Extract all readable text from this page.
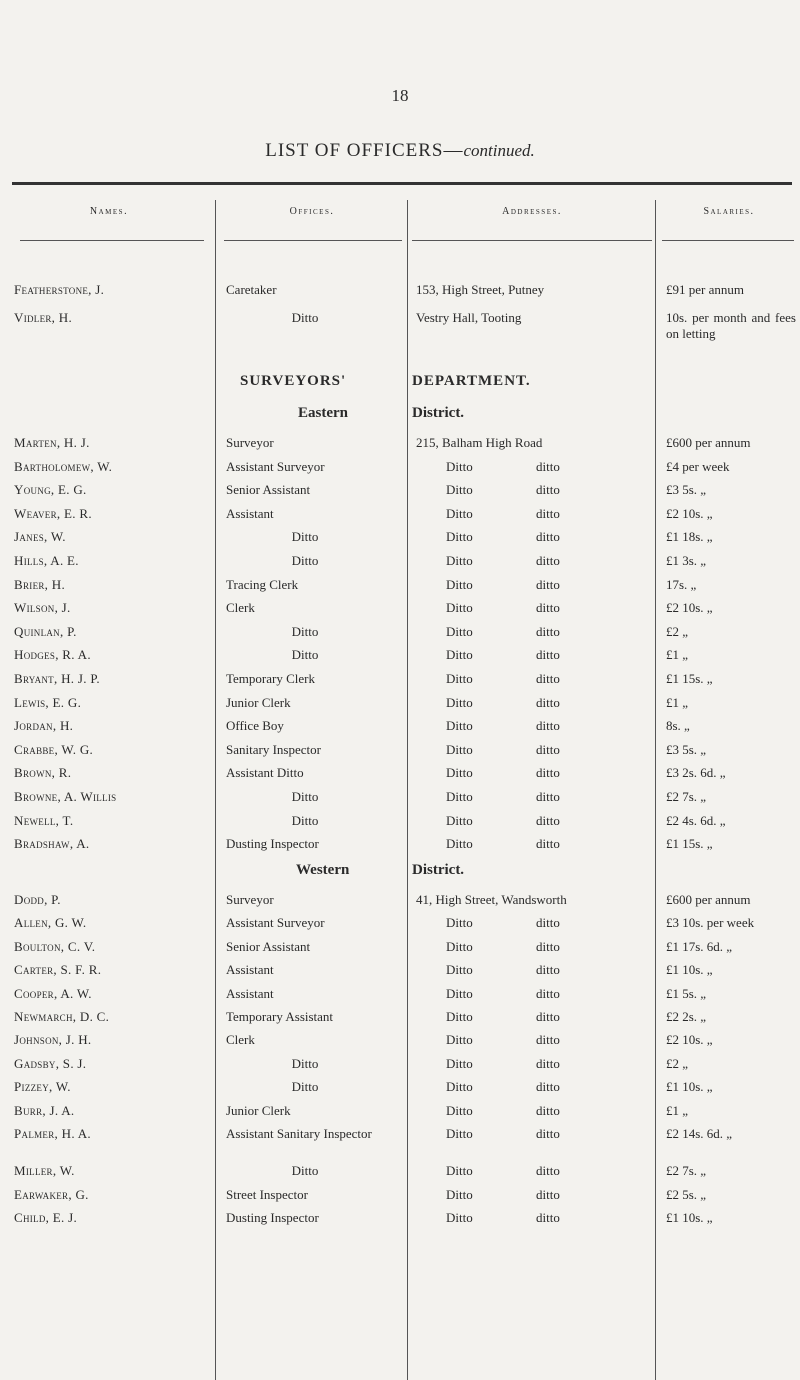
18
LIST OF OFFICERS—continued.
Names.	Offices.	Addresses.	Salaries.
Featherstone, J.	Caretaker	153, High Street, Putney	£91 per annum
Vidler, H.	Ditto	Vestry Hall, Tooting	10s. per month and fees on letting
SURVEYORS'	DEPARTMENT.
Eastern	District.
Marten, H. J.	Surveyor	215, Balham High Road	£600 per annum
Bartholomew, W.	Assistant Surveyor	Ditto	ditto	£4 per week
Young, E. G.	Senior Assistant	Ditto	ditto	£3 5s. „
Weaver, E. R.	Assistant	Ditto	ditto	£2 10s. „
Janes, W.	Ditto	Ditto	ditto	£1 18s. „
Hills, A. E.	Ditto	Ditto	ditto	£1 3s. „
Brier, H.	Tracing Clerk	Ditto	ditto	17s. „
Wilson, J.	Clerk	Ditto	ditto	£2 10s. „
Quinlan, P.	Ditto	Ditto	ditto	£2 „
Hodges, R. A.	Ditto	Ditto	ditto	£1 „
Bryant, H. J. P.	Temporary Clerk	Ditto	ditto	£1 15s. „
Lewis, E. G.	Junior Clerk	Ditto	ditto	£1 „
Jordan, H.	Office Boy	Ditto	ditto	8s. „
Crabbe, W. G.	Sanitary Inspector	Ditto	ditto	£3 5s. „
Brown, R.	Assistant Ditto	Ditto	ditto	£3 2s. 6d. „
Browne, A. Willis	Ditto	Ditto	ditto	£2 7s. „
Newell, T.	Ditto	Ditto	ditto	£2 4s. 6d. „
Bradshaw, A.	Dusting Inspector	Ditto	ditto	£1 15s. „
Western	District.
Dodd, P.	Surveyor	41, High Street, Wandsworth	£600 per annum
Allen, G. W.	Assistant Surveyor	Ditto	ditto	£3 10s. per week
Boulton, C. V.	Senior Assistant	Ditto	ditto	£1 17s. 6d. „
Carter, S. F. R.	Assistant	Ditto	ditto	£1 10s. „
Cooper, A. W.	Assistant	Ditto	ditto	£1 5s. „
Newmarch, D. C.	Temporary Assistant	Ditto	ditto	£2 2s. „
Johnson, J. H.	Clerk	Ditto	ditto	£2 10s. „
Gadsby, S. J.	Ditto	Ditto	ditto	£2 „
Pizzey, W.	Ditto	Ditto	ditto	£1 10s. „
Burr, J. A.	Junior Clerk	Ditto	ditto	£1 „
Palmer, H. A.	Assistant Sanitary Inspector	Ditto	ditto	£2 14s. 6d. „
Miller, W.	Ditto	Ditto	ditto	£2 7s. „
Earwaker, G.	Street Inspector	Ditto	ditto	£2 5s. „
Child, E. J.	Dusting Inspector	Ditto	ditto	£1 10s. „
